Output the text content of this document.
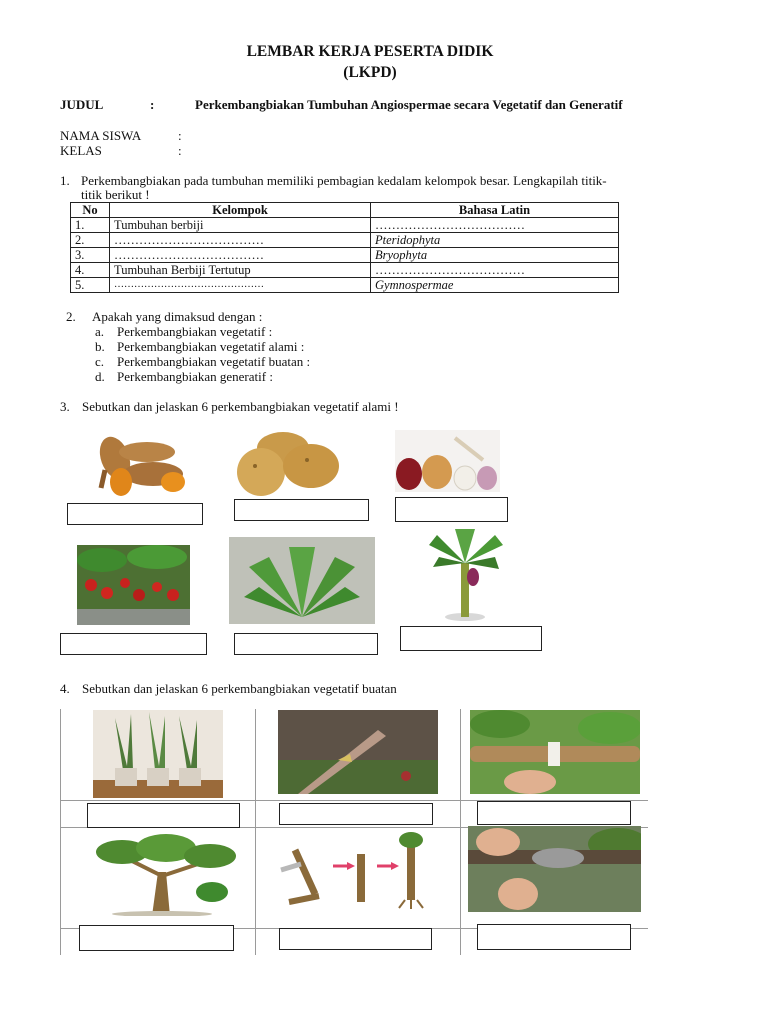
LEMBAR KERJA PESERTA DIDIK
(LKPD)
JUDUL	:	Perkembangbiakan Tumbuhan Angiospermae secara Vegetatif dan Generatif
NAMA SISWA	:
KELAS	:
1. Perkembangbiakan pada tumbuhan memiliki pembagian kedalam kelompok besar. Lengkapilah titik-
titik berikut !
No	Kelompok	Bahasa Latin
1.	Tumbuhan berbiji	………………………………
2.	………………………………	Pteridophyta
3.	………………………………	Bryophyta
4.	Tumbuhan Berbiji Tertutup	………………………………
5.	………………………………………	Gymnospermae
2. Apakah yang dimaksud dengan :
a. Perkembangbiakan vegetatif :
b. Perkembangbiakan vegetatif alami :
c. Perkembangbiakan vegetatif buatan :
d. Perkembangbiakan generatif :
3. Sebutkan dan jelaskan 6 perkembangbiakan vegetatif alami !
4. Sebutkan dan jelaskan 6 perkembangbiakan vegetatif buatan
